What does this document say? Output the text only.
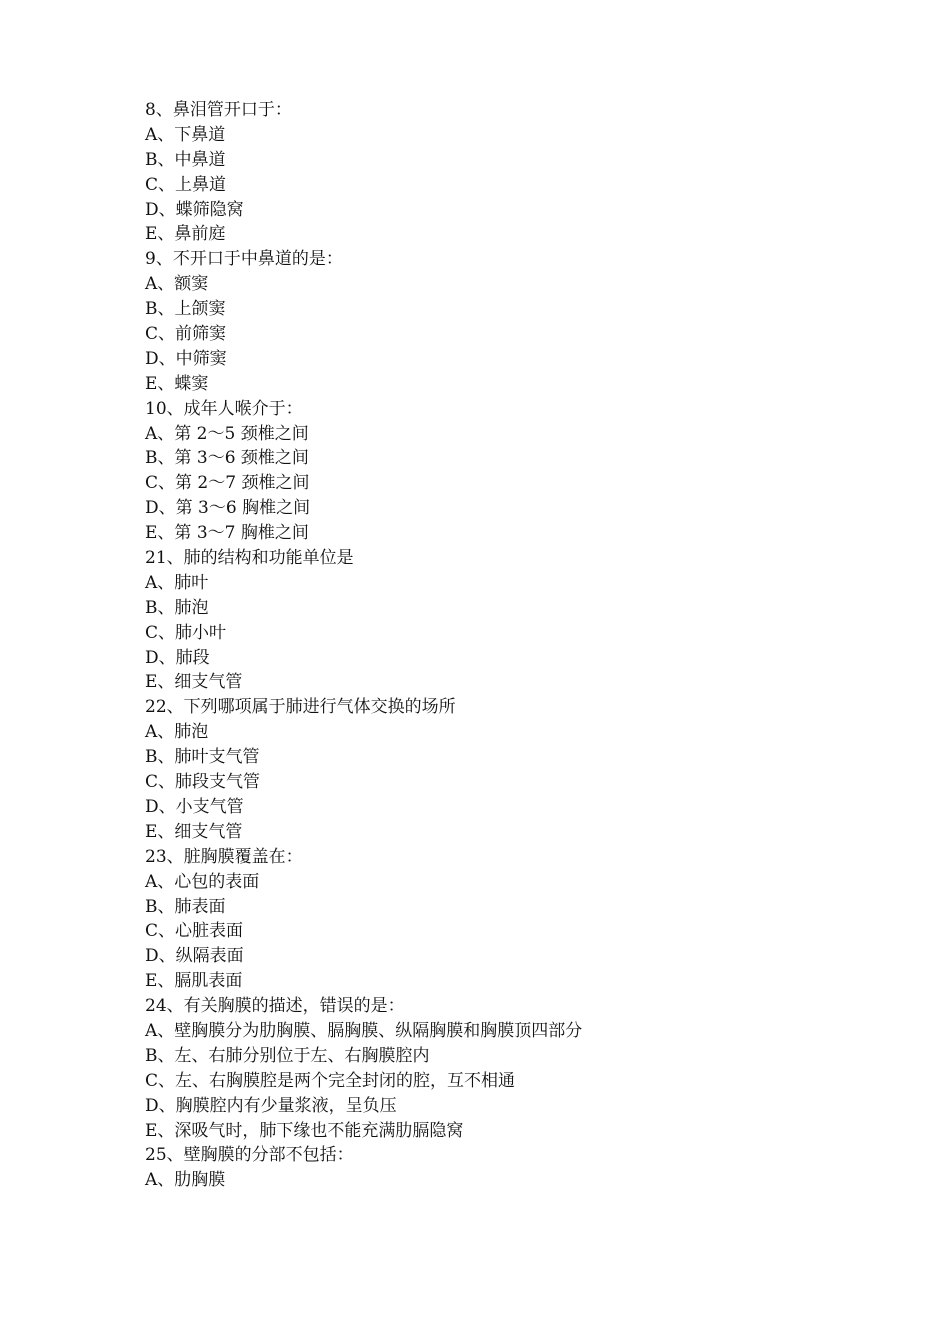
8、鼻泪管开口于：
A、下鼻道
B、中鼻道
C、上鼻道
D、蝶筛隐窝
E、鼻前庭
9、不开口于中鼻道的是：
A、额窦
B、上颌窦
C、前筛窦
D、中筛窦
E、蝶窦
10、成年人喉介于：
A、第 2～5 颈椎之间
B、第 3～6 颈椎之间
C、第 2～7 颈椎之间
D、第 3～6 胸椎之间
E、第 3～7 胸椎之间
21、肺的结构和功能单位是
A、肺叶
B、肺泡
C、肺小叶
D、肺段
E、细支气管
22、下列哪项属于肺进行气体交换的场所
A、肺泡
B、肺叶支气管
C、肺段支气管
D、小支气管
E、细支气管
23、脏胸膜覆盖在：
A、心包的表面
B、肺表面
C、心脏表面
D、纵隔表面
E、膈肌表面
24、有关胸膜的描述，错误的是：
A、壁胸膜分为肋胸膜、膈胸膜、纵隔胸膜和胸膜顶四部分
B、左、右肺分别位于左、右胸膜腔内
C、左、右胸膜腔是两个完全封闭的腔，互不相通
D、胸膜腔内有少量浆液，呈负压
E、深吸气时，肺下缘也不能充满肋膈隐窝
25、壁胸膜的分部不包括：
A、肋胸膜
